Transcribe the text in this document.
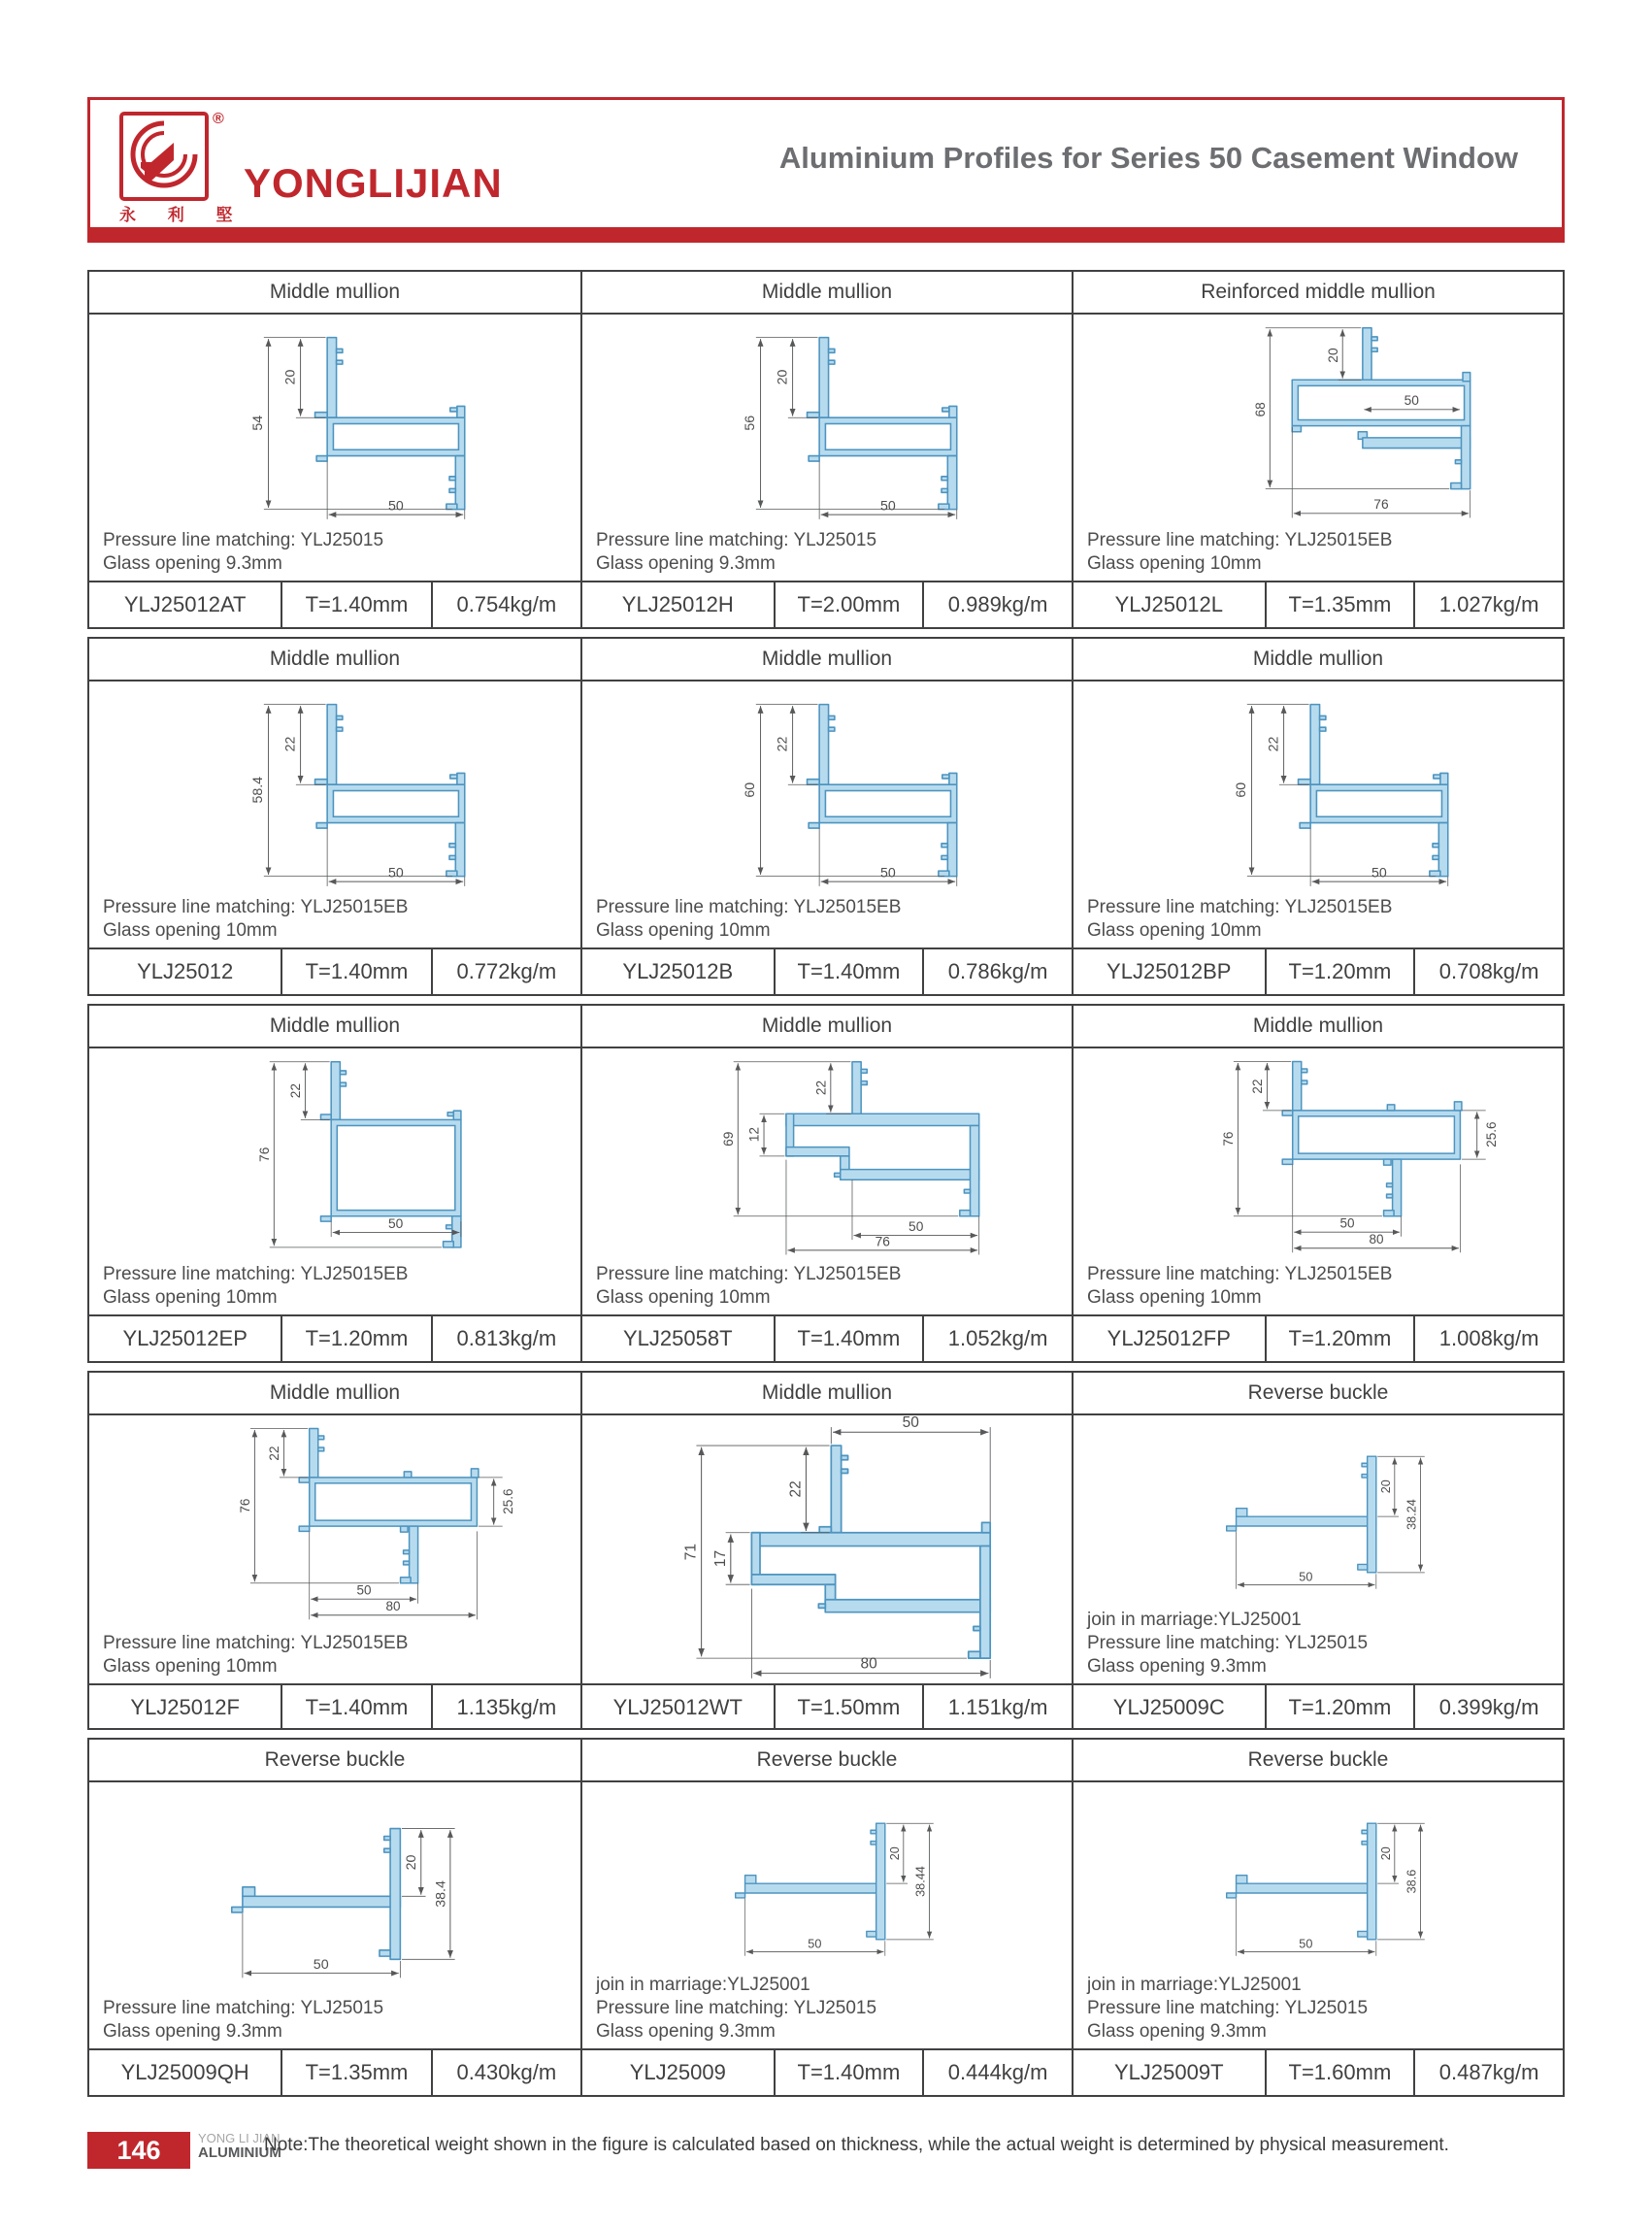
®
永 利 堅
YONGLIJIAN
Aluminium Profiles for Series 50 Casement Window
Middle mullion
20
54
50
Pressure line matching: YLJ25015
Glass opening 9.3mm
YLJ25012AT	T=1.40mm	0.754kg/m
Middle mullion
20
56
50
Pressure line matching: YLJ25015
Glass opening 9.3mm
YLJ25012H	T=2.00mm	0.989kg/m
Reinforced middle mullion
20
68
50
76
Pressure line matching: YLJ25015EB
Glass opening 10mm
YLJ25012L	T=1.35mm	1.027kg/m
Middle mullion
22
58.4
50
Pressure line matching: YLJ25015EB
Glass opening 10mm
YLJ25012	T=1.40mm	0.772kg/m
Middle mullion
22
60
50
Pressure line matching: YLJ25015EB
Glass opening 10mm
YLJ25012B	T=1.40mm	0.786kg/m
Middle mullion
22
60
50
Pressure line matching: YLJ25015EB
Glass opening 10mm
YLJ25012BP	T=1.20mm	0.708kg/m
Middle mullion
22
76
50
Pressure line matching: YLJ25015EB
Glass opening 10mm
YLJ25012EP	T=1.20mm	0.813kg/m
Middle mullion
22
12
69
50
76
Pressure line matching: YLJ25015EB
Glass opening 10mm
YLJ25058T	T=1.40mm	1.052kg/m
Middle mullion
22
76	25.6
50
80
Pressure line matching: YLJ25015EB
Glass opening 10mm
YLJ25012FP	T=1.20mm	1.008kg/m
Middle mullion
22
76	25.6
50
80
Pressure line matching: YLJ25015EB
Glass opening 10mm
YLJ25012F	T=1.40mm	1.135kg/m
Middle mullion
50
22
17
71
80
YLJ25012WT	T=1.50mm	1.151kg/m
Reverse buckle
20
38.24
50
join in marriage:YLJ25001
Pressure line matching: YLJ25015
Glass opening 9.3mm
YLJ25009C	T=1.20mm	0.399kg/m
Reverse buckle
20
38.4
50
Pressure line matching: YLJ25015
Glass opening 9.3mm
YLJ25009QH	T=1.35mm	0.430kg/m
Reverse buckle
20
38.44
50
join in marriage:YLJ25001
Pressure line matching: YLJ25015
Glass opening 9.3mm
YLJ25009	T=1.40mm	0.444kg/m
Reverse buckle
20
38.6
50
join in marriage:YLJ25001
Pressure line matching: YLJ25015
Glass opening 9.3mm
YLJ25009T	T=1.60mm	0.487kg/m
146	YONG LI JIAN
ALUMINIUM
Note:The theoretical weight shown in the figure is calculated based on thickness, while the actual weight is determined by physical measurement.
